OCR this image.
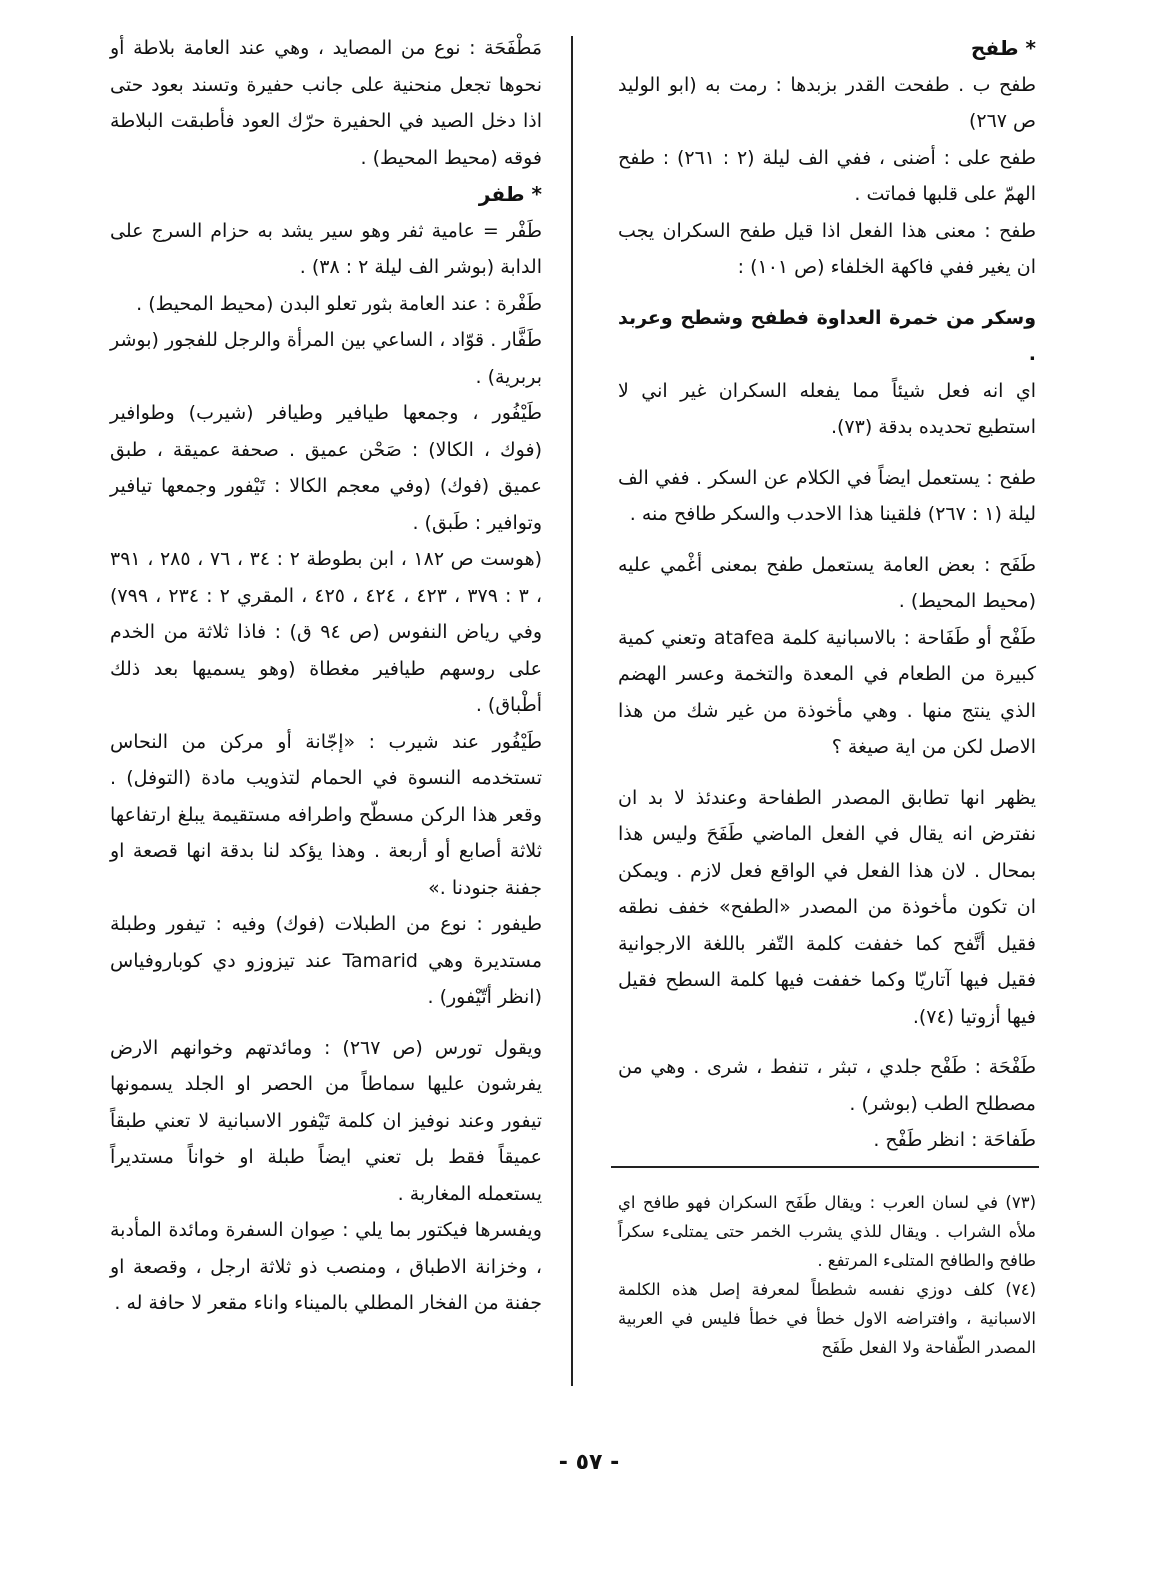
* طفح

طفح ب . طفحت القدر بزبدها : رمت به (ابو الوليد ص ٢٦٧)

طفح على : أضنى ، ففي الف ليلة (٢ : ٢٦١) : طفح الهمّ على قلبها فماتت .

طفح : معنى هذا الفعل اذا قيل طفح السكران يجب ان يغير ففي فاكهة الخلفاء (ص ١٠١) :

وسكر من خمرة العداوة فطفح وشطح وعربد .

اي انه فعل شيئاً مما يفعله السكران غير اني لا استطيع تحديده بدقة (٧٣).

طفح : يستعمل ايضاً في الكلام عن السكر . ففي الف ليلة (١ : ٢٦٧) فلقينا هذا الاحدب والسكر طافح منه .

طَفَح : بعض العامة يستعمل طفح بمعنى أغْمي عليه (محيط المحيط) .

طَفْح أو طَفَاحة : بالاسبانية كلمة atafea وتعني كمية كبيرة من الطعام في المعدة والتخمة وعسر الهضم الذي ينتج منها . وهي مأخوذة من غير شك من هذا الاصل لكن من اية صيغة ؟

يظهر انها تطابق المصدر الطفاحة وعندئذ لا بد ان نفترض انه يقال في الفعل الماضي طَفَحَ وليس هذا بمحال . لان هذا الفعل في الواقع فعل لازم . ويمكن ان تكون مأخوذة من المصدر «الطفح» خفف نطقه فقيل أتَّفح كما خففت كلمة التّفر باللغة الارجوانية فقيل فيها آتاريّا وكما خففت فيها كلمة السطح فقيل فيها أزوتيا (٧٤).

طَفْحَة : طَفْح جلدي ، تبثر ، تنفط ، شرى . وهي من مصطلح الطب (بوشر) .

طَفاحَة : انظر طَفْح .

مَطْفَحَة : نوع من المصايد ، وهي عند العامة بلاطة أو نحوها تجعل منحنية على جانب حفيرة وتسند بعود حتى اذا دخل الصيد في الحفيرة حرّك العود فأطبقت البلاطة فوقه (محيط المحيط) .

* طفر

طَفْر = عامية ثفر وهو سير يشد به حزام السرج على الدابة (بوشر الف ليلة ٢ : ٣٨) .

طَفْرة : عند العامة بثور تعلو البدن (محيط المحيط) .

طَفَّار . قوّاد ، الساعي بين المرأة والرجل للفجور (بوشر بربرية) .

طَيْفُور ، وجمعها طيافير وطيافر (شيرب) وطوافير (فوك ، الكالا) : صَحْن عميق . صحفة عميقة ، طبق عميق (فوك) (وفي معجم الكالا : تَيْفور وجمعها تيافير وتوافير : طَبق) .

(هوست ص ١٨٢ ، ابن بطوطة ٢ : ٣٤ ، ٧٦ ، ٢٨٥ ، ٣٩١ ، ٣ : ٣٧٩ ، ٤٢٣ ، ٤٢٤ ، ٤٢٥ ، المقري ٢ : ٢٣٤ ، ٧٩٩) وفي رياض النفوس (ص ٩٤ ق) : فاذا ثلاثة من الخدم على روسهم طيافير مغطاة (وهو يسميها بعد ذلك أطْباق) .

طَيْفُور عند شيرب : «إجّانة أو مركن من النحاس تستخدمه النسوة في الحمام لتذويب مادة (التوفل) . وقعر هذا الركن مسطّح واطرافه مستقيمة يبلغ ارتفاعها ثلاثة أصابع أو أربعة . وهذا يؤكد لنا بدقة انها قصعة او جفنة جنودنا .»

طيفور : نوع من الطبلات (فوك) وفيه : تيفور وطبلة مستديرة وهي Tamarid عند تيزوزو دي كوباروفياس (انظر أتّيْفور) .

ويقول تورس (ص ٢٦٧) : ومائدتهم وخوانهم الارض يفرشون عليها سماطاً من الحصر او الجلد يسمونها تيفور وعند نوفيز ان كلمة تَيْفور الاسبانية لا تعني طبقاً عميقاً فقط بل تعني ايضاً طبلة او خواناً مستديراً يستعمله المغاربة .

ويفسرها فيكتور بما يلي : صِوان السفرة ومائدة المأدبة ، وخزانة الاطباق ، ومنصب ذو ثلاثة ارجل ، وقصعة او جفنة من الفخار المطلي بالميناء واناء مقعر لا حافة له .

(٧٣) في لسان العرب : ويقال طَفَح السكران فهو طافح اي ملأه الشراب . ويقال للذي يشرب الخمر حتى يمتلىء سكراً طافح والطافح المتلىء المرتفع .

(٧٤) كلف دوزي نفسه شططاً لمعرفة إصل هذه الكلمة الاسبانية ، وافتراضه الاول خطأ في خطأ فليس في العربية المصدر الطّفاحة ولا الفعل طَفَح

- ٥٧ -
